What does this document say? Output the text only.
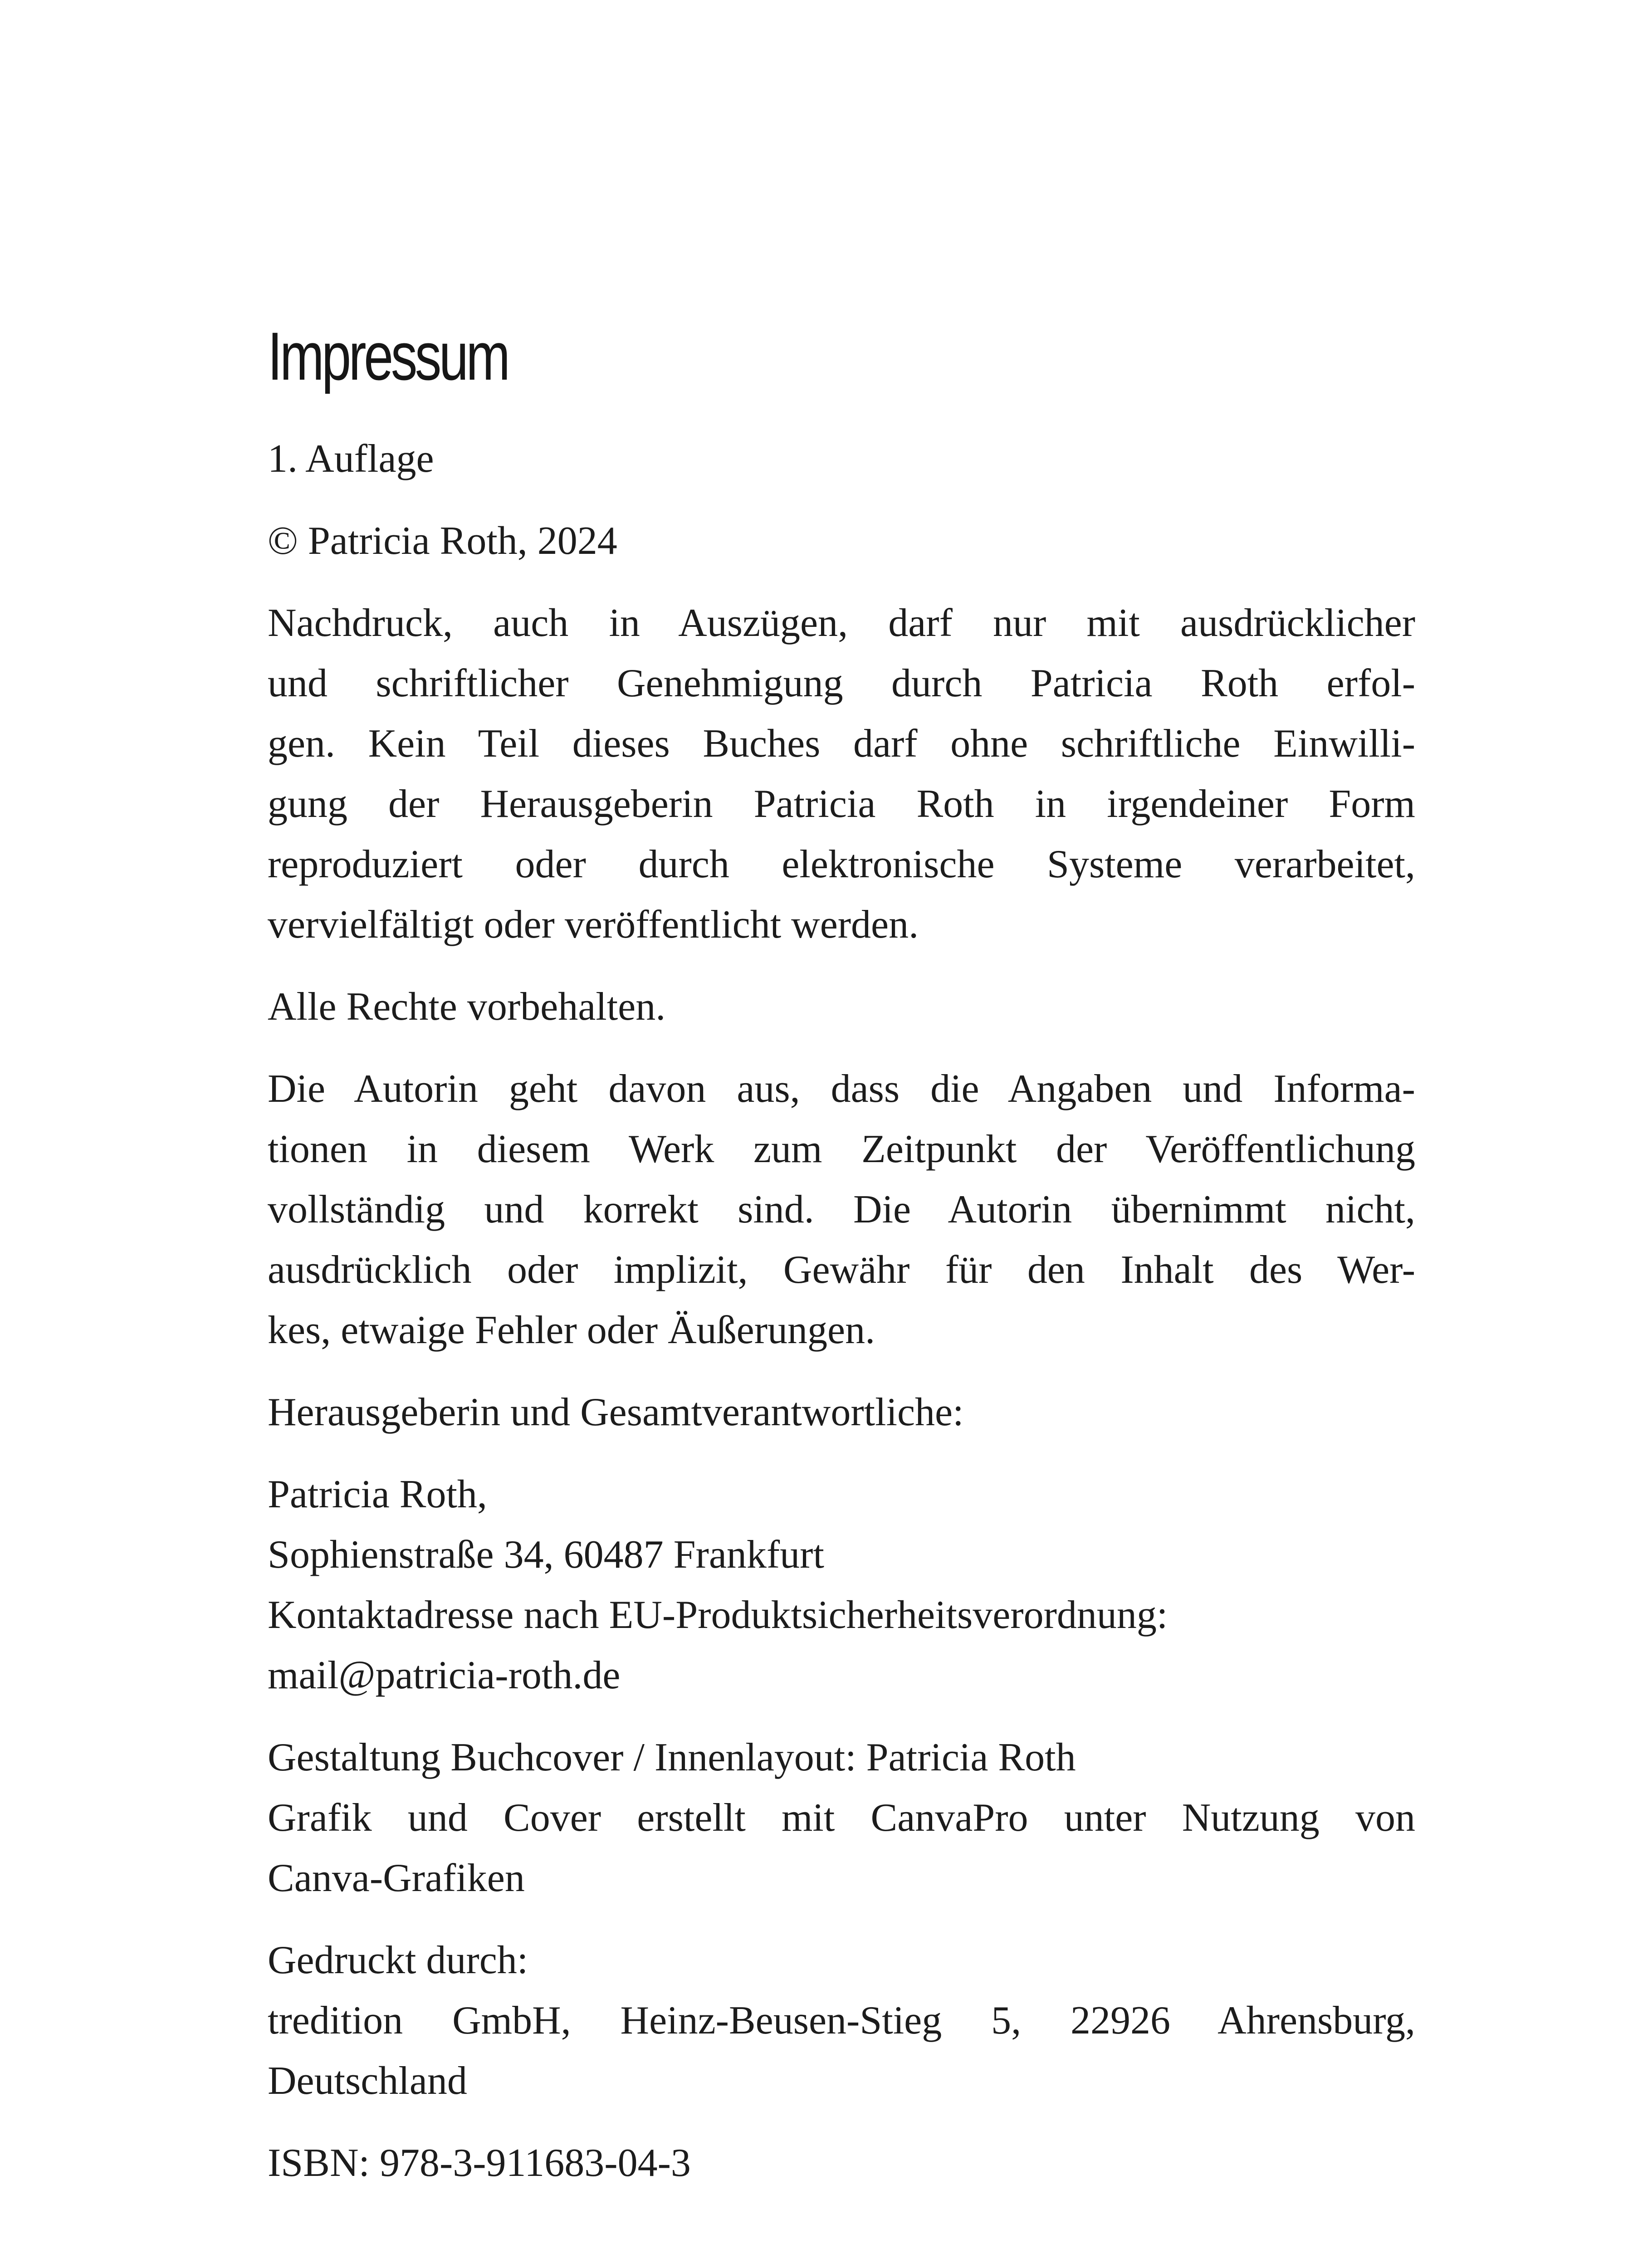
Impressum

1. Auflage

© Patricia Roth, 2024

Nachdruck, auch in Auszügen, darf nur mit ausdrücklicher
und schriftlicher Genehmigung durch Patricia Roth erfol-
gen. Kein Teil dieses Buches darf ohne schriftliche Einwilli-
gung der Herausgeberin Patricia Roth in irgendeiner Form
reproduziert oder durch elektronische Systeme verarbeitet,
vervielfältigt oder veröffentlicht werden.

Alle Rechte vorbehalten.

Die Autorin geht davon aus, dass die Angaben und Informa-
tionen in diesem Werk zum Zeitpunkt der Veröffentlichung
vollständig und korrekt sind. Die Autorin übernimmt nicht,
ausdrücklich oder implizit, Gewähr für den Inhalt des Wer-
kes, etwaige Fehler oder Äußerungen.

Herausgeberin und Gesamtverantwortliche:

Patricia Roth,
Sophienstraße 34, 60487 Frankfurt
Kontaktadresse nach EU-Produktsicherheitsverordnung:
mail@patricia-roth.de

Gestaltung Buchcover / Innenlayout: Patricia Roth
Grafik und Cover erstellt mit CanvaPro unter Nutzung von
Canva-Grafiken

Gedruckt durch:
tredition GmbH, Heinz-Beusen-Stieg 5, 22926 Ahrensburg,
Deutschland

ISBN: 978-3-911683-04-3
